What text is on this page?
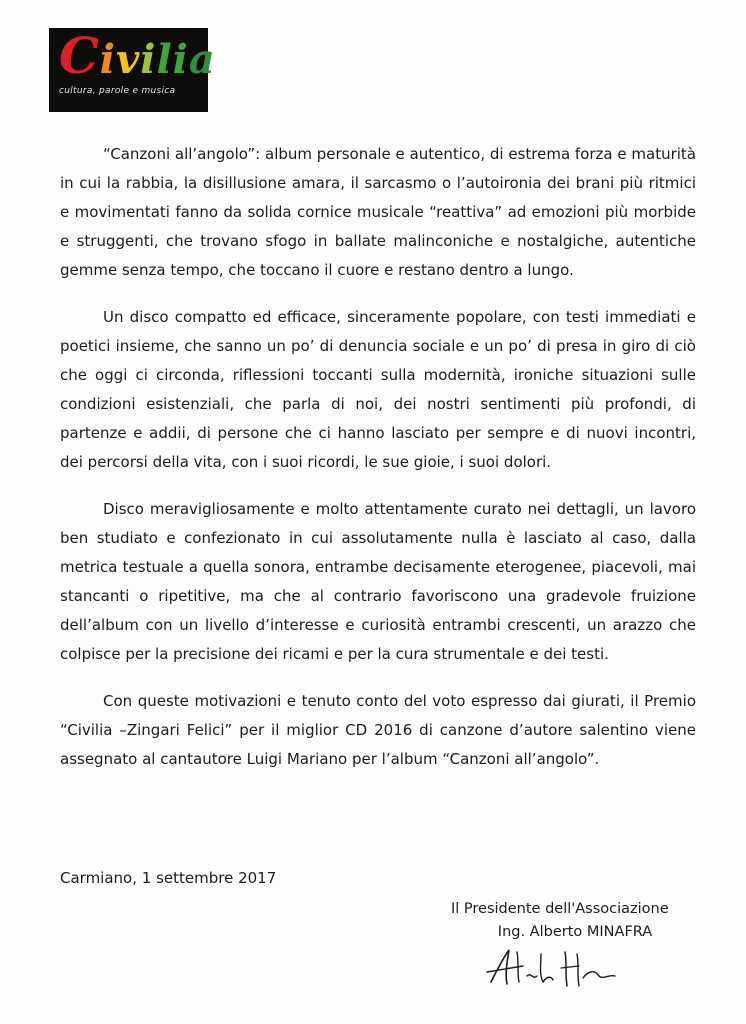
Civilia
cultura, parole e musica

“Canzoni all’angolo”: album personale e autentico, di estrema forza e maturità in cui la rabbia, la disillusione amara, il sarcasmo o l’autoironia dei brani più ritmici e movimentati fanno da solida cornice musicale “reattiva” ad emozioni più morbide e struggenti, che trovano sfogo in ballate malinconiche e nostalgiche, autentiche gemme senza tempo, che toccano il cuore e restano dentro a lungo.

Un disco compatto ed efficace, sinceramente popolare, con testi immediati e poetici insieme, che sanno un po’ di denuncia sociale e un po’ di presa in giro di ciò che oggi ci circonda, riflessioni toccanti sulla modernità, ironiche situazioni sulle condizioni esistenziali, che parla di noi, dei nostri sentimenti più profondi, di partenze e addii, di persone che ci hanno lasciato per sempre e di nuovi incontri, dei percorsi della vita, con i suoi ricordi, le sue gioie, i suoi dolori.

Disco meravigliosamente e molto attentamente curato nei dettagli, un lavoro ben studiato e confezionato in cui assolutamente nulla è lasciato al caso, dalla metrica testuale a quella sonora, entrambe decisamente eterogenee, piacevoli, mai stancanti o ripetitive, ma che al contrario favoriscono una gradevole fruizione dell’album con un livello d’interesse e curiosità entrambi crescenti, un arazzo che colpisce per la precisione dei ricami e per la cura strumentale e dei testi.

Con queste motivazioni e tenuto conto del voto espresso dai giurati, il Premio “Civilia –Zingari Felici” per il miglior CD 2016 di canzone d’autore salentino viene assegnato al cantautore Luigi Mariano per l’album “Canzoni all’angolo”.

Carmiano, 1 settembre 2017
Il Presidente dell'Associazione
Ing. Alberto MINAFRA
